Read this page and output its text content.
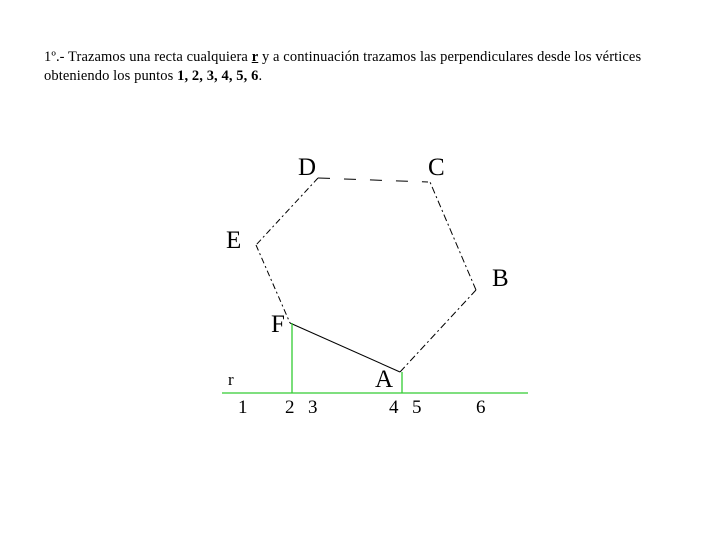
1º.- Trazamos una recta cualquiera r y a continuación trazamos las perpendiculares desde los vértices obteniendo los puntos 1, 2, 3, 4, 5, 6.
D	C
E
B
F
A
r
1 2 3	4 5	6
